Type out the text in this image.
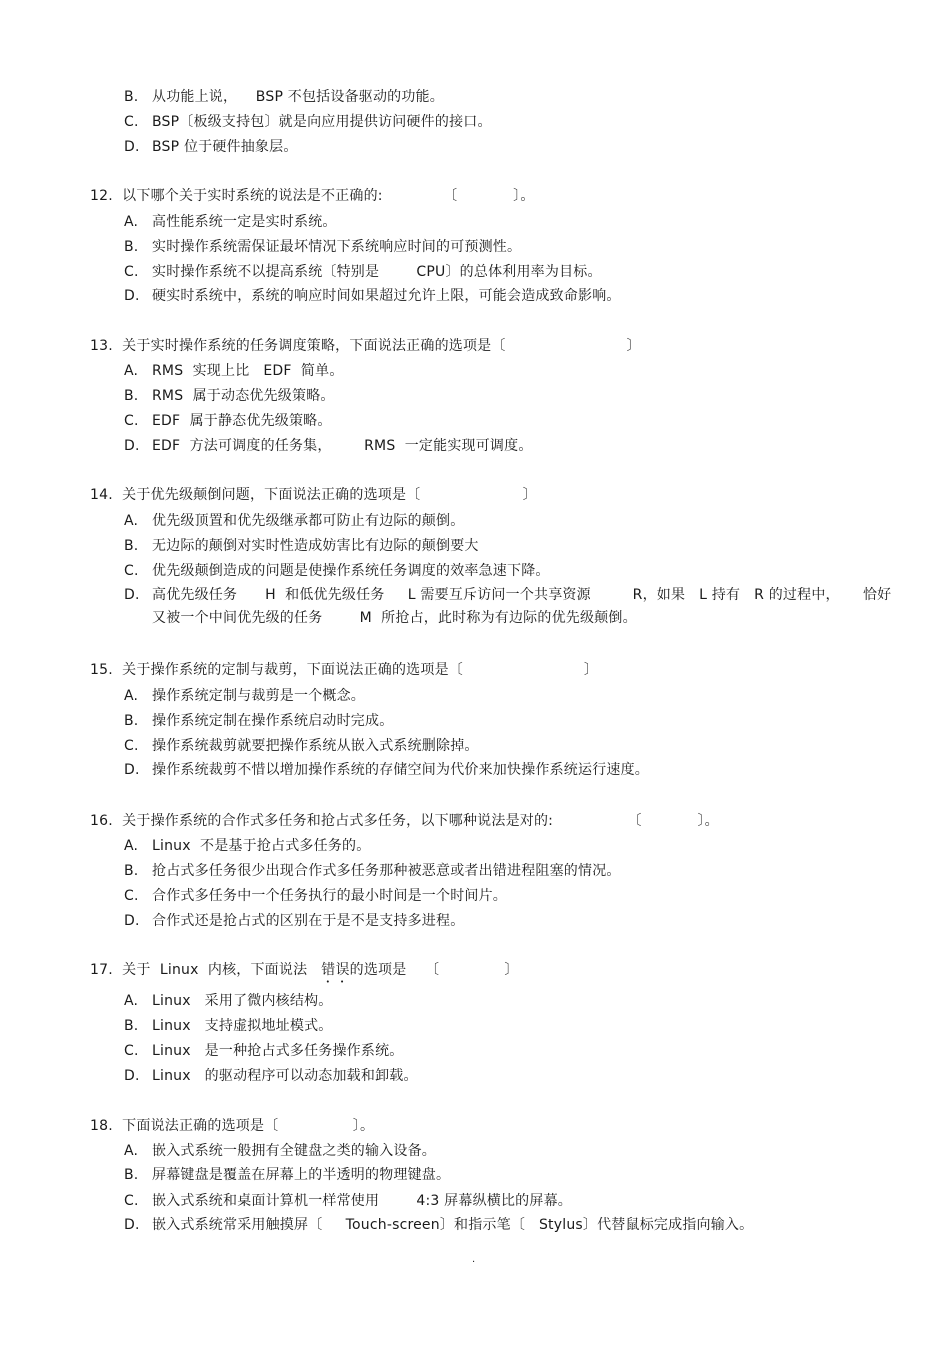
B. 从功能上说，    BSP 不包括设备驱动的功能。
C. BSP〔板级支持包〕就是向应用提供访问硬件的接口。
D. BSP 位于硬件抽象层。
12.  以下哪个关于实时系统的说法是不正确的:             〔            〕。
A. 高性能系统一定是实时系统。
B. 实时操作系统需保证最坏情况下系统响应时间的可预测性。
C. 实时操作系统不以提高系统〔特别是        CPU〕的总体利用率为目标。
D. 硬实时系统中，系统的响应时间如果超过允许上限，可能会造成致命影响。
13.  关于实时操作系统的任务调度策略，下面说法正确的选项是〔                          〕
A. RMS  实现上比   EDF  简单。
B. RMS  属于动态优先级策略。
C. EDF  属于静态优先级策略。
D. EDF  方法可调度的任务集，       RMS  一定能实现可调度。
14.  关于优先级颠倒问题，下面说法正确的选项是〔                      〕
A. 优先级顶置和优先级继承都可防止有边际的颠倒。
B. 无边际的颠倒对实时性造成妨害比有边际的颠倒要大
C. 优先级颠倒造成的问题是使操作系统任务调度的效率急速下降。
D. 高优先级任务      H  和低优先级任务     L 需要互斥访问一个共享资源         R，如果   L 持有   R 的过程中，     恰好
又被一个中间优先级的任务        M  所抢占，此时称为有边际的优先级颠倒。
15.  关于操作系统的定制与裁剪，下面说法正确的选项是〔                          〕
A. 操作系统定制与裁剪是一个概念。
B. 操作系统定制在操作系统启动时完成。
C. 操作系统裁剪就要把操作系统从嵌入式系统删除掉。
D. 操作系统裁剪不惜以增加操作系统的存储空间为代价来加快操作系统运行速度。
16.  关于操作系统的合作式多任务和抢占式多任务，以下哪种说法是对的:                〔            〕。
A. Linux  不是基于抢占式多任务的。
B. 抢占式多任务很少出现合作式多任务那种被恶意或者出错进程阻塞的情况。
C. 合作式多任务中一个任务执行的最小时间是一个时间片。
D. 合作式还是抢占式的区别在于是不是支持多进程。
17.  关于  Linux  内核，下面说法   错误的选项是    〔              〕
A. Linux   采用了微内核结构。
B. Linux   支持虚拟地址模式。
C. Linux   是一种抢占式多任务操作系统。
D. Linux   的驱动程序可以动态加载和卸载。
18.  下面说法正确的选项是〔                〕。
A. 嵌入式系统一般拥有全键盘之类的输入设备。
B. 屏幕键盘是覆盖在屏幕上的半透明的物理键盘。
C. 嵌入式系统和桌面计算机一样常使用        4:3 屏幕纵横比的屏幕。
D. 嵌入式系统常采用触摸屏〔     Touch-screen〕和指示笔〔   Stylus〕代替鼠标完成指向输入。
.
